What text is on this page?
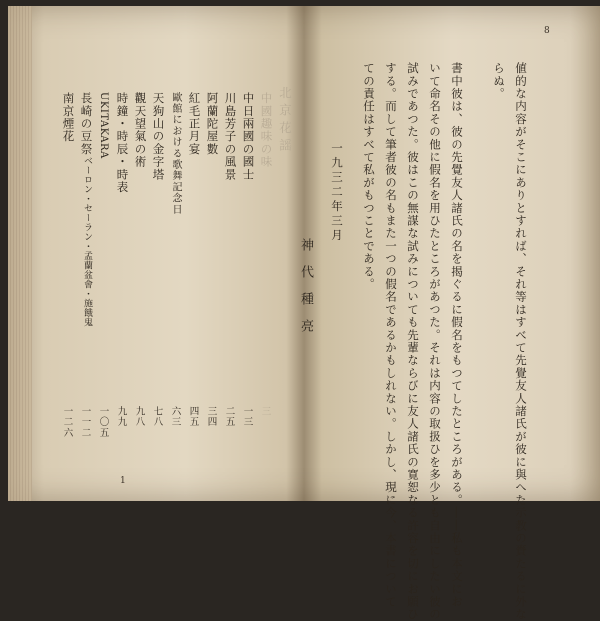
値的な内容がそこにありとすれば、それ等はすべて先覺友人諸氏が彼に與へた示教の賚たるに外な
らぬ。
書中彼は、彼の先覺友人諸氏の名を揭ぐるに假名をもつてしたところがある。――私も本文にお
いて命名その他に假名を用ひたところがあつた。それは内容の取扱ひを多少とも自由にしたい彼の
試みであつた。彼はこの無謀な試みについても先輩ならびに友人諸氏の寛恕なる許容を切にお願ひ
する。而して筆者彼の名もまた一つの假名であるかもしれない。しかし、現に今、本書について
ての責任はすべて私がもつことである。
一九三二年三月
神代種亮
8
北京花謡
中國趣味の味
中日兩國の國士
川島芳子の風景
阿蘭陀屋數
紅毛正月宴
歐館における歌舞記念日
天狗山の金字塔
觀天望氣の術
時鐘・時辰・時表
UKITAKARA
長崎の豆祭
ベーロン・セーラン・孟蘭盆會・施餓鬼
南京煙花
三
一三
二五
三四
四五
六三
七八
九八
九九
一〇五
一一二
一二六
1
